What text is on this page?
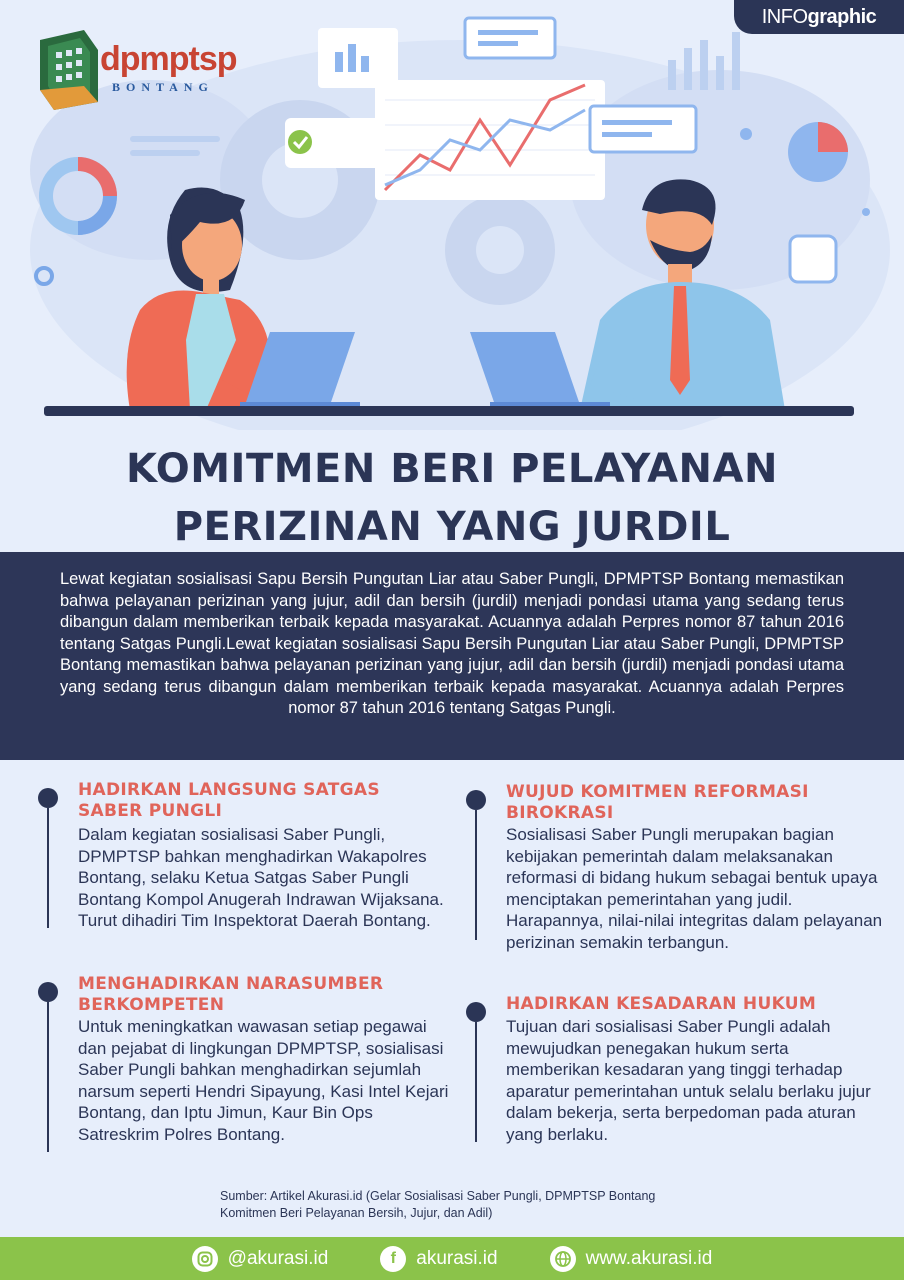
INFO graphic
dpmptsp
BONTANG
KOMITMEN BERI PELAYANAN
PERIZINAN YANG JURDIL
Lewat kegiatan sosialisasi Sapu Bersih Pungutan Liar atau Saber Pungli, DPMPTSP Bontang memastikan bahwa pelayanan perizinan yang jujur, adil dan bersih (jurdil) menjadi pondasi utama yang sedang terus dibangun dalam memberikan terbaik kepada masyarakat. Acuannya adalah Perpres nomor 87 tahun 2016 tentang Satgas Pungli.Lewat kegiatan sosialisasi Sapu Bersih Pungutan Liar atau Saber Pungli, DPMPTSP Bontang memastikan bahwa pelayanan perizinan yang jujur, adil dan bersih (jurdil) menjadi pondasi utama yang sedang terus dibangun dalam memberikan terbaik kepada masyarakat. Acuannya adalah Perpres nomor 87 tahun 2016 tentang Satgas Pungli.
HADIRKAN LANGSUNG SATGAS SABER PUNGLI
Dalam kegiatan sosialisasi Saber Pungli, DPMPTSP bahkan menghadirkan Wakapolres Bontang, selaku Ketua Satgas Saber Pungli Bontang Kompol Anugerah Indrawan Wijaksana. Turut dihadiri Tim Inspektorat Daerah Bontang.
MENGHADIRKAN NARASUMBER BERKOMPETEN
Untuk meningkatkan wawasan setiap pegawai dan pejabat di lingkungan DPMPTSP, sosialisasi Saber Pungli bahkan menghadirkan sejumlah narsum seperti Hendri Sipayung, Kasi Intel Kejari Bontang, dan Iptu Jimun, Kaur Bin Ops Satreskrim Polres Bontang.
WUJUD KOMITMEN REFORMASI BIROKRASI
Sosialisasi Saber Pungli merupakan bagian kebijakan pemerintah dalam melaksanakan reformasi di bidang hukum sebagai bentuk upaya menciptakan pemerintahan yang judil. Harapannya, nilai-nilai integritas dalam pelayanan perizinan semakin terbangun.
HADIRKAN KESADARAN HUKUM
Tujuan dari sosialisasi Saber Pungli adalah mewujudkan penegakan hukum serta memberikan kesadaran yang tinggi terhadap aparatur pemerintahan untuk selalu berlaku jujur dalam bekerja, serta berpedoman pada aturan yang berlaku.
Sumber: Artikel Akurasi.id (Gelar Sosialisasi Saber Pungli, DPMPTSP Bontang Komitmen Beri Pelayanan Bersih, Jujur, dan Adil)
@akurasi.id	f	akurasi.id	www.akurasi.id
